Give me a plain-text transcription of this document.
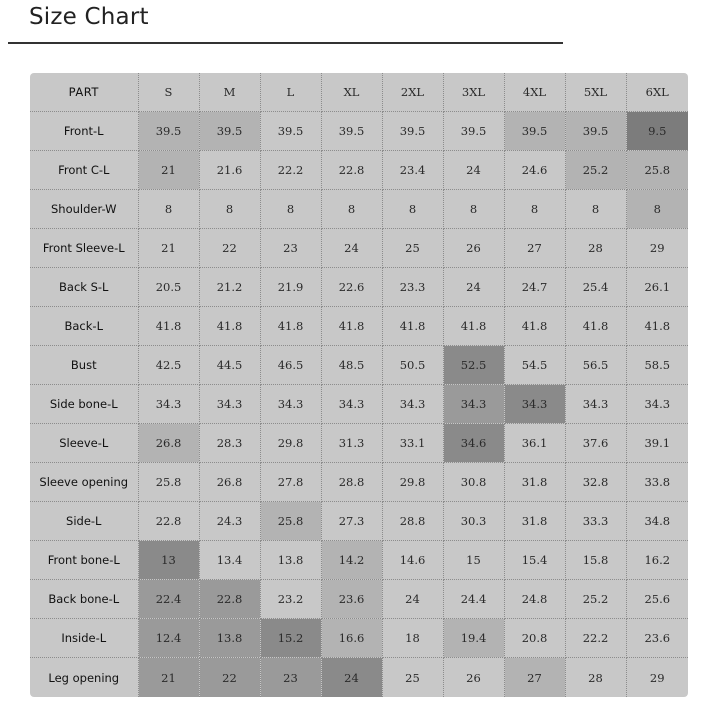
Size Chart
PART	S	M	L	XL	2XL	3XL	4XL	5XL	6XL
Front-L	39.5	39.5	39.5	39.5	39.5	39.5	39.5	39.5	9.5
Front C-L	21	21.6	22.2	22.8	23.4	24	24.6	25.2	25.8
Shoulder-W	8	8	8	8	8	8	8	8	8
Front Sleeve-L	21	22	23	24	25	26	27	28	29
Back S-L	20.5	21.2	21.9	22.6	23.3	24	24.7	25.4	26.1
Back-L	41.8	41.8	41.8	41.8	41.8	41.8	41.8	41.8	41.8
Bust	42.5	44.5	46.5	48.5	50.5	52.5	54.5	56.5	58.5
Side bone-L	34.3	34.3	34.3	34.3	34.3	34.3	34.3	34.3	34.3
Sleeve-L	26.8	28.3	29.8	31.3	33.1	34.6	36.1	37.6	39.1
Sleeve opening	25.8	26.8	27.8	28.8	29.8	30.8	31.8	32.8	33.8
Side-L	22.8	24.3	25.8	27.3	28.8	30.3	31.8	33.3	34.8
Front bone-L	13	13.4	13.8	14.2	14.6	15	15.4	15.8	16.2
Back bone-L	22.4	22.8	23.2	23.6	24	24.4	24.8	25.2	25.6
Inside-L	12.4	13.8	15.2	16.6	18	19.4	20.8	22.2	23.6
Leg opening	21	22	23	24	25	26	27	28	29
